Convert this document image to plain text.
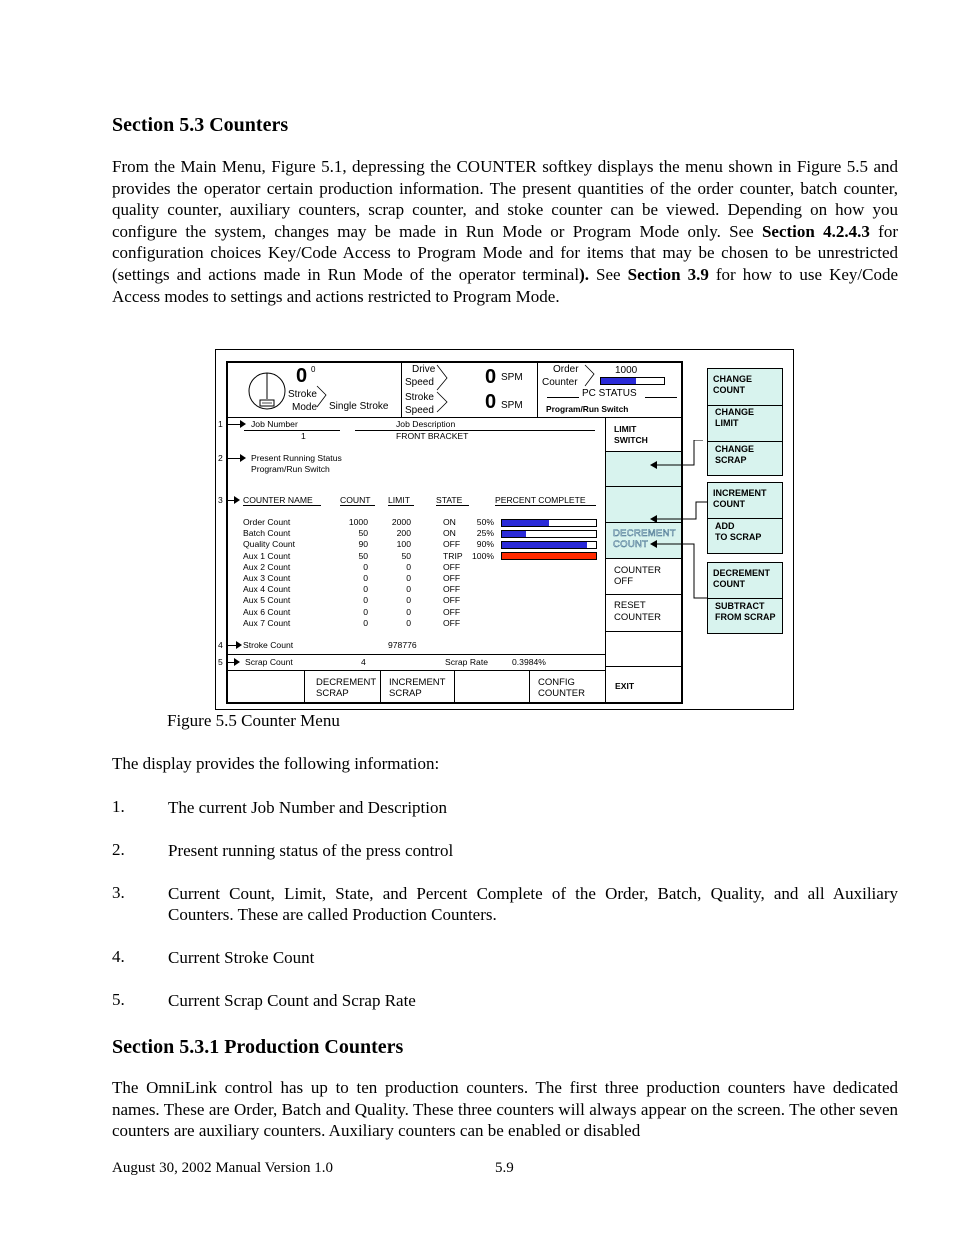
Section 5.3 Counters
From the Main Menu, Figure 5.1, depressing the COUNTER softkey displays the menu shown in Figure 5.5 and provides the operator certain production information. The present quantities of the order counter, batch counter, quality counter, auxiliary counters, scrap counter, and stoke counter can be viewed. Depending on how you configure the system, changes may be made in Run Mode or Program Mode only. See Section 4.2.4.3 for configuration choices Key/Code Access to Program Mode and for items that may be chosen to be unrestricted (settings and actions made in Run Mode of the operator terminal). See Section 3.9 for how to use Key/Code Access modes to settings and actions restricted to Program Mode.
1
2
3
4
5
0 0
Stroke
Mode Single Stroke
Drive
Speed
Stroke
Speed
0 SPM
0 SPM
Order
Counter
1000
PC STATUS
Program/Run Switch
LIMIT
SWITCH
DECREMENT
COUNT
COUNTER
OFF
RESET
COUNTER
EXIT
Job Number
1
Job Description
FRONT BRACKET
Present Running Status
Program/Run Switch
COUNTER NAME	COUNT LIMIT	STATE	PERCENT COMPLETE
Order Count	1000	2000	ON	50%
Batch Count	50	200	ON	25%
Quality Count	90	100	OFF	90%
Aux 1 Count	50	50	TRIP	100%
Aux 2 Count	0	0	OFF
Aux 3 Count	0	0	OFF
Aux 4 Count	0	0	OFF
Aux 5 Count	0	0	OFF
Aux 6 Count	0	0	OFF
Aux 7 Count	0	0	OFF
Stroke Count	978776
Scrap Count	4	Scrap Rate	0.3984%
DECREMENT
SCRAP
INCREMENT
SCRAP
CONFIG
COUNTER
CHANGE
COUNT
CHANGE
LIMIT
CHANGE
SCRAP
INCREMENT
COUNT
ADD
TO SCRAP
DECREMENT
COUNT
SUBTRACT
FROM SCRAP
Figure 5.5 Counter Menu
The display provides the following information:
1.	The current Job Number and Description
2.	Present running status of the press control
3.	Current Count, Limit, State, and Percent Complete of the Order, Batch, Quality, and all Auxiliary Counters. These are called Production Counters.
4.	Current Stroke Count
5.	Current Scrap Count and Scrap Rate
Section 5.3.1 Production Counters
The OmniLink control has up to ten production counters. The first three production counters have dedicated names. These are Order, Batch and Quality. These three counters will always appear on the screen. The other seven counters are auxiliary counters. Auxiliary counters can be enabled or disabled
August 30, 2002 Manual Version 1.0	5.9
